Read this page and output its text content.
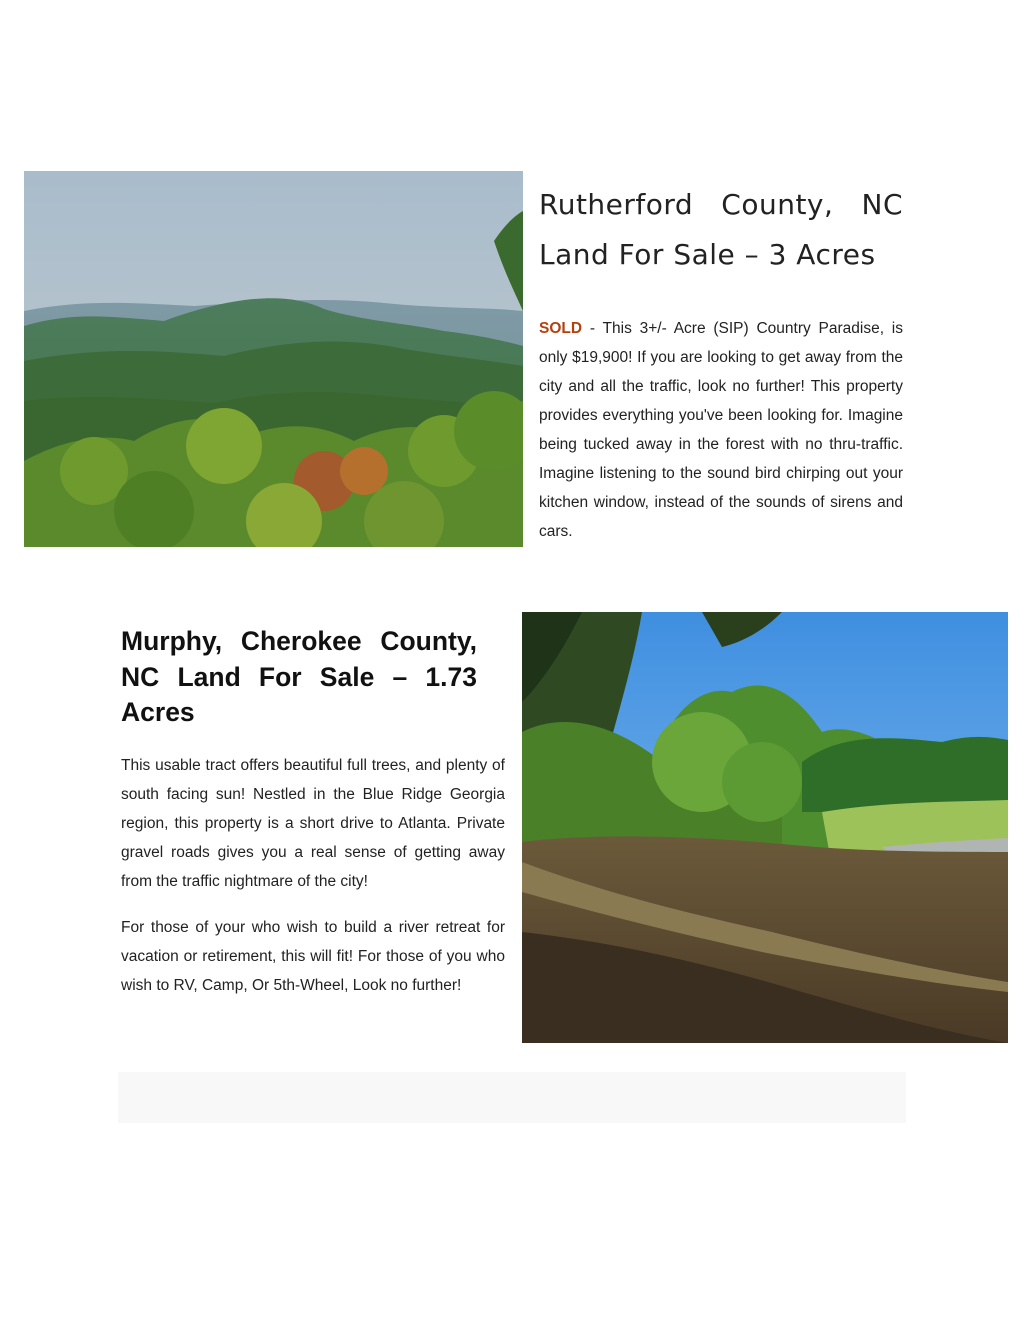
Rutherford County, NC Land For Sale – 3 Acres

SOLD - This 3+/- Acre (SIP) Country Paradise, is only $19,900! If you are looking to get away from the city and all the traffic, look no further! This property provides everything you've been looking for. Imagine being tucked away in the forest with no thru-traffic. Imagine listening to the sound bird chirping out your kitchen window, instead of the sounds of sirens and cars.

Murphy, Cherokee County, NC Land For Sale – 1.73 Acres

This usable tract offers beautiful full trees, and plenty of south facing sun! Nestled in the Blue Ridge Georgia region, this property is a short drive to Atlanta. Private gravel roads gives you a real sense of getting away from the traffic nightmare of the city!

For those of your who wish to build a river retreat for vacation or retirement, this will fit! For those of you who wish to RV, Camp, Or 5th-Wheel, Look no further!
